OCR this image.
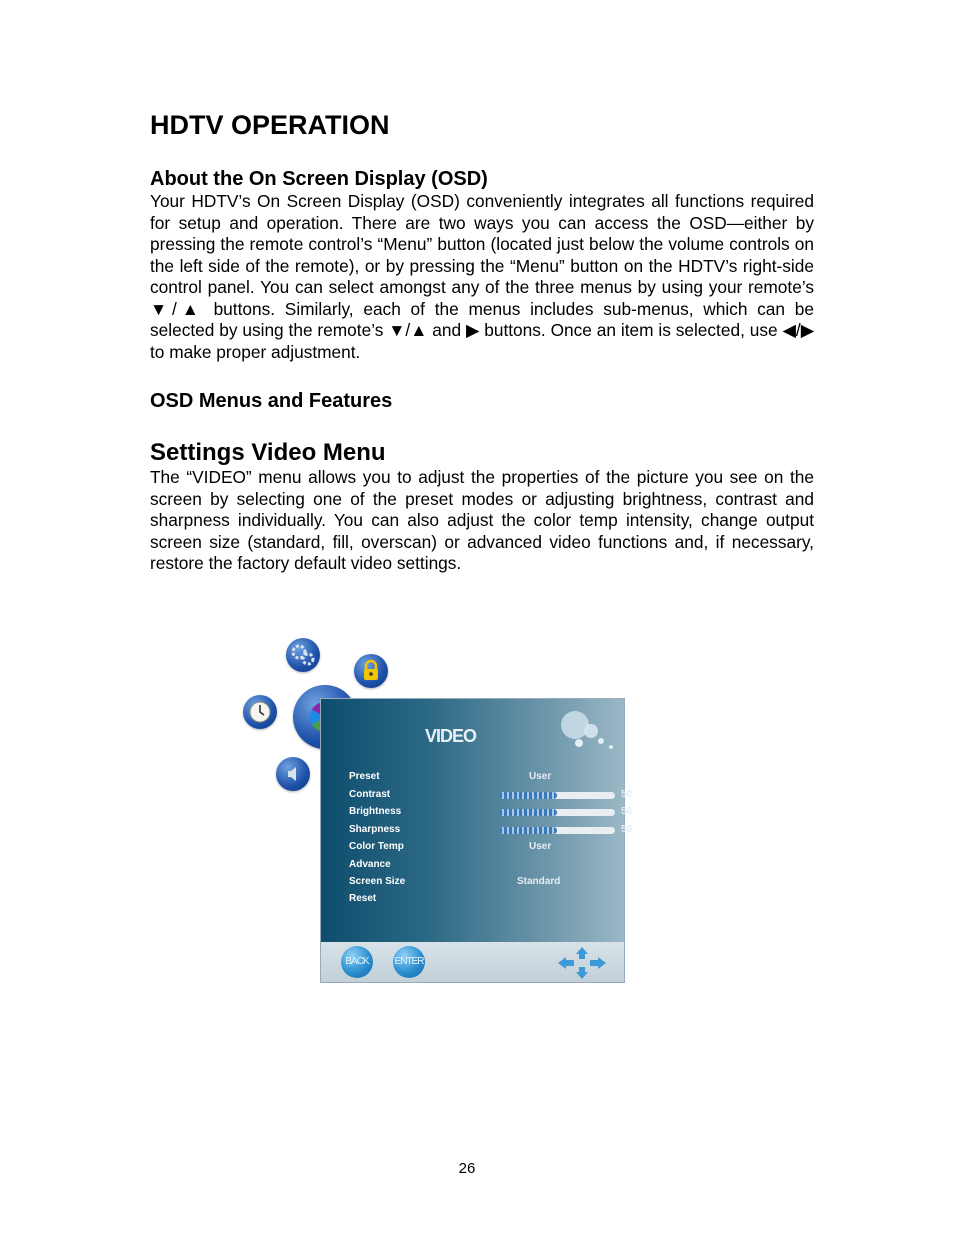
HDTV OPERATION
About the On Screen Display (OSD)

Your HDTV’s On Screen Display (OSD) conveniently integrates all functions required for setup and operation. There are two ways you can access the OSD—either by pressing the remote control’s “Menu” button (located just below the volume controls on the left side of the remote), or by pressing the “Menu” button on the HDTV’s right-side control panel. You can select amongst any of the three menus by using your remote’s ▼/▲ buttons. Similarly, each of the menus includes sub-menus, which can be selected by using the remote’s ▼/▲ and ▶ buttons. Once an item is selected, use ◀/▶ to make proper adjustment.

OSD Menus and Features
Settings Video Menu

The “VIDEO” menu allows you to adjust the properties of the picture you see on the screen by selecting one of the preset modes or adjusting brightness, contrast and sharpness individually. You can also adjust the color temp intensity, change output screen size (standard, fill, overscan) or advanced video functions and, if necessary, restore the factory default video settings.

VIDEO
Preset	User
Contrast	50
Brightness	50
Sharpness	50
Color Temp	User
Advance
Screen Size	Standard
Reset
BACK	ENTER
26
